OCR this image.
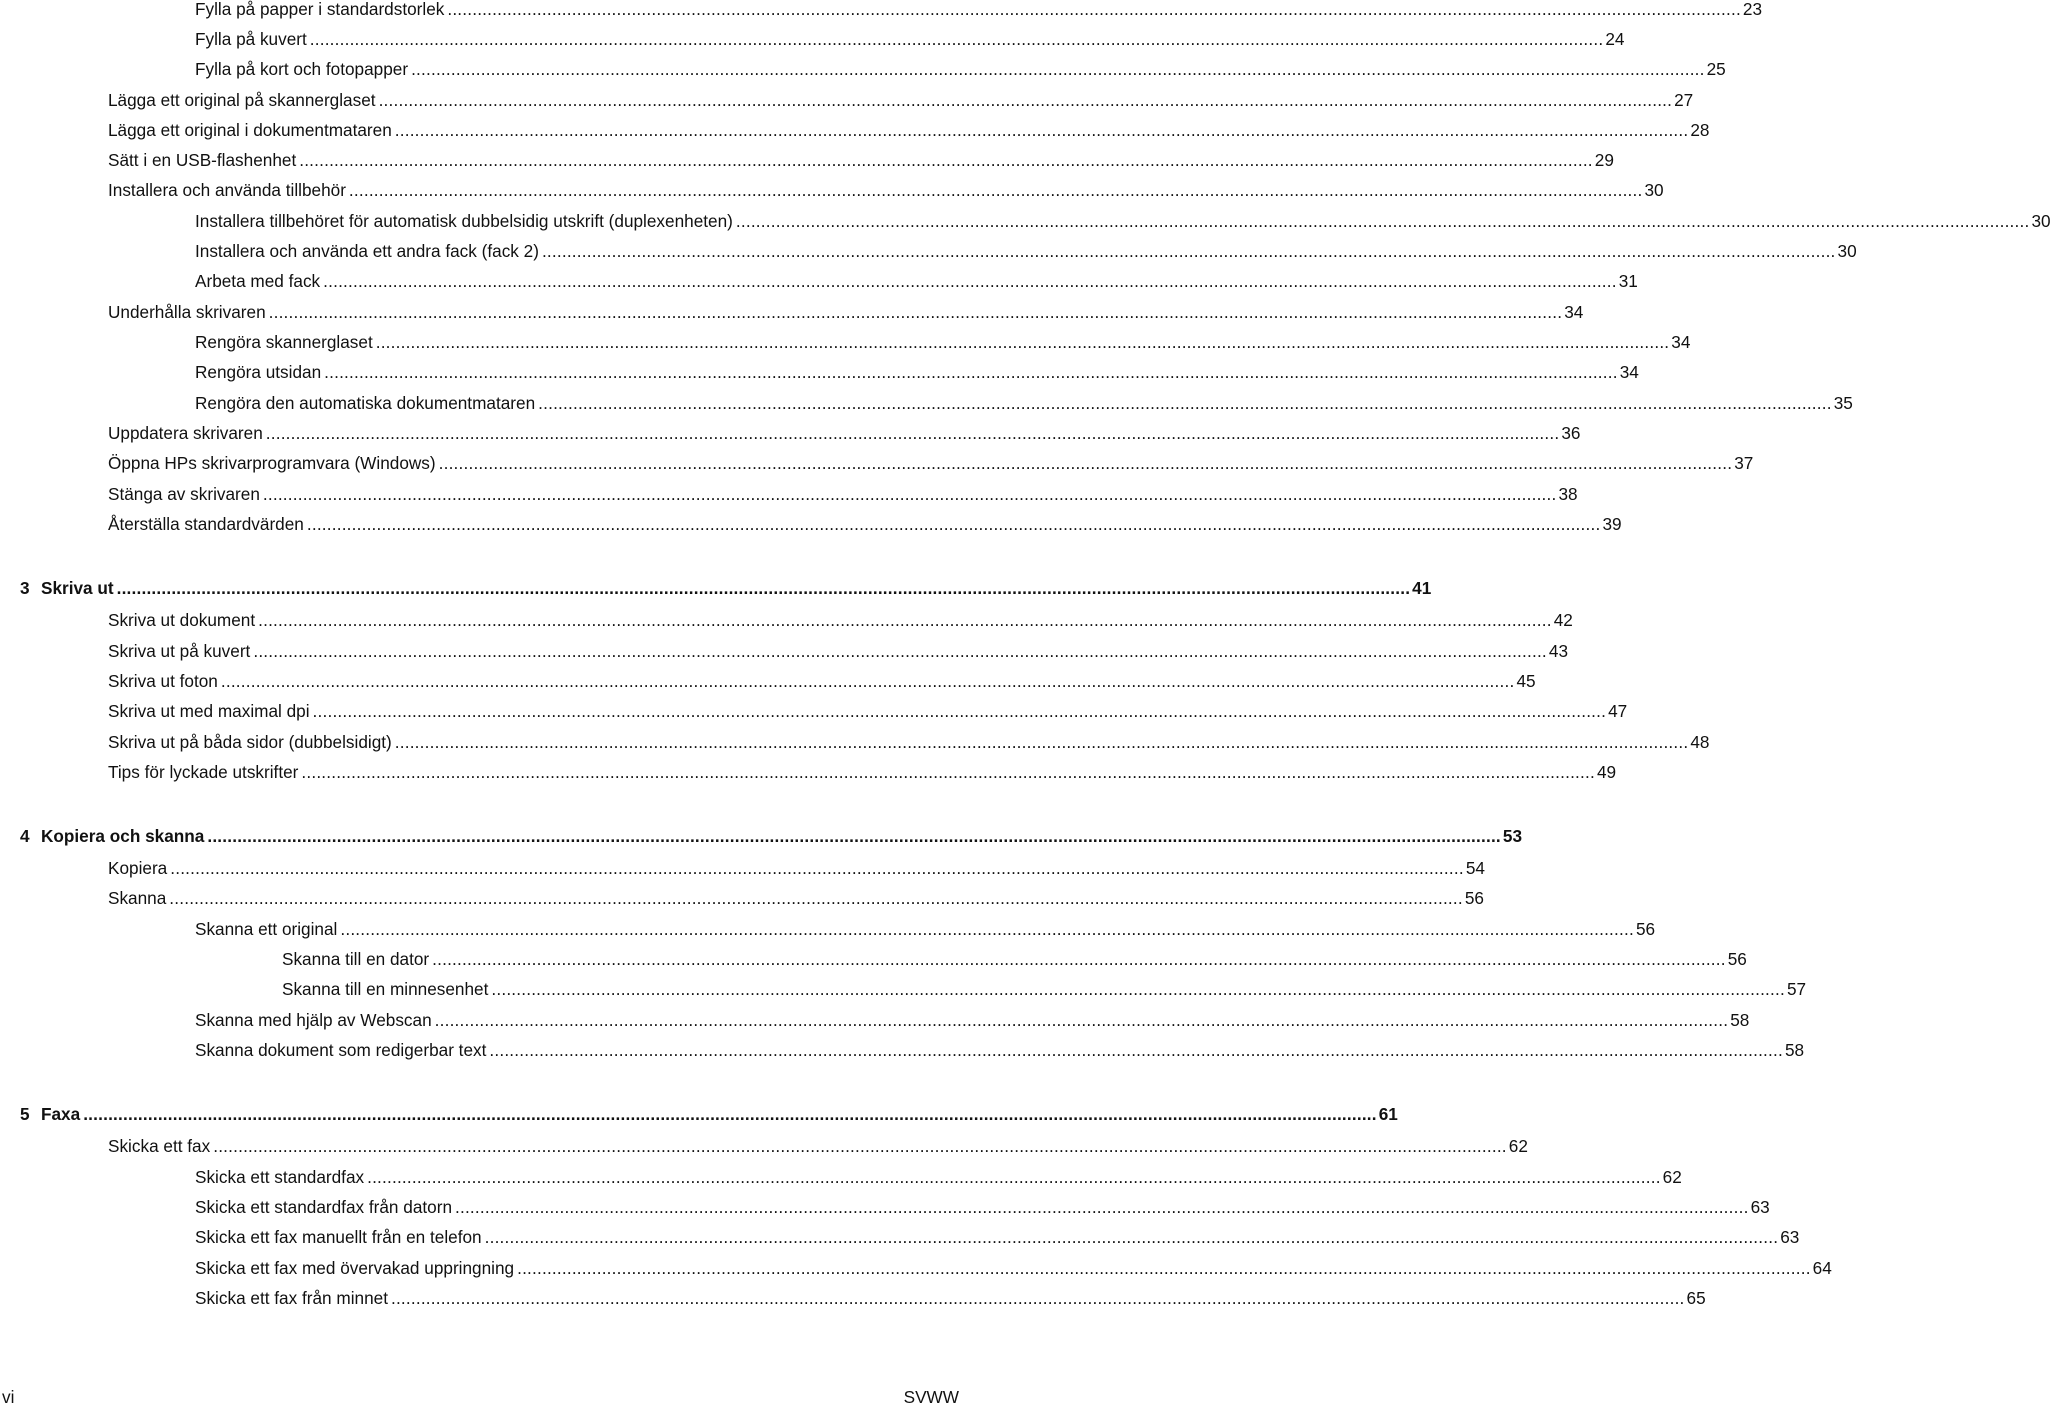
Fylla på papper i standardstorlek .................................................................................................................................................................................................................................................................... 23
Fylla på kuvert .................................................................................................................................................................................................................................................................... 24
Fylla på kort och fotopapper .................................................................................................................................................................................................................................................................... 25
Lägga ett original på skannerglaset .................................................................................................................................................................................................................................................................... 27
Lägga ett original i dokumentmataren .................................................................................................................................................................................................................................................................... 28
Sätt i en USB-flashenhet .................................................................................................................................................................................................................................................................... 29
Installera och använda tillbehör .................................................................................................................................................................................................................................................................... 30
Installera tillbehöret för automatisk dubbelsidig utskrift (duplexenheten) .................................................................................................................................................................................................................................................................... 30
Installera och använda ett andra fack (fack 2) .................................................................................................................................................................................................................................................................... 30
Arbeta med fack .................................................................................................................................................................................................................................................................... 31
Underhålla skrivaren .................................................................................................................................................................................................................................................................... 34
Rengöra skannerglaset .................................................................................................................................................................................................................................................................... 34
Rengöra utsidan .................................................................................................................................................................................................................................................................... 34
Rengöra den automatiska dokumentmataren .................................................................................................................................................................................................................................................................... 35
Uppdatera skrivaren .................................................................................................................................................................................................................................................................... 36
Öppna HPs skrivarprogramvara (Windows) .................................................................................................................................................................................................................................................................... 37
Stänga av skrivaren .................................................................................................................................................................................................................................................................... 38
Återställa standardvärden .................................................................................................................................................................................................................................................................... 39
3 Skriva ut .................................................................................................................................................................................................................................................................... 41
Skriva ut dokument .................................................................................................................................................................................................................................................................... 42
Skriva ut på kuvert .................................................................................................................................................................................................................................................................... 43
Skriva ut foton .................................................................................................................................................................................................................................................................... 45
Skriva ut med maximal dpi .................................................................................................................................................................................................................................................................... 47
Skriva ut på båda sidor (dubbelsidigt) .................................................................................................................................................................................................................................................................... 48
Tips för lyckade utskrifter .................................................................................................................................................................................................................................................................... 49
4 Kopiera och skanna .................................................................................................................................................................................................................................................................... 53
Kopiera .................................................................................................................................................................................................................................................................... 54
Skanna .................................................................................................................................................................................................................................................................... 56
Skanna ett original .................................................................................................................................................................................................................................................................... 56
Skanna till en dator .................................................................................................................................................................................................................................................................... 56
Skanna till en minnesenhet .................................................................................................................................................................................................................................................................... 57
Skanna med hjälp av Webscan .................................................................................................................................................................................................................................................................... 58
Skanna dokument som redigerbar text .................................................................................................................................................................................................................................................................... 58
5 Faxa .................................................................................................................................................................................................................................................................... 61
Skicka ett fax .................................................................................................................................................................................................................................................................... 62
Skicka ett standardfax .................................................................................................................................................................................................................................................................... 62
Skicka ett standardfax från datorn .................................................................................................................................................................................................................................................................... 63
Skicka ett fax manuellt från en telefon .................................................................................................................................................................................................................................................................... 63
Skicka ett fax med övervakad uppringning .................................................................................................................................................................................................................................................................... 64
Skicka ett fax från minnet .................................................................................................................................................................................................................................................................... 65
vi	SVWW
